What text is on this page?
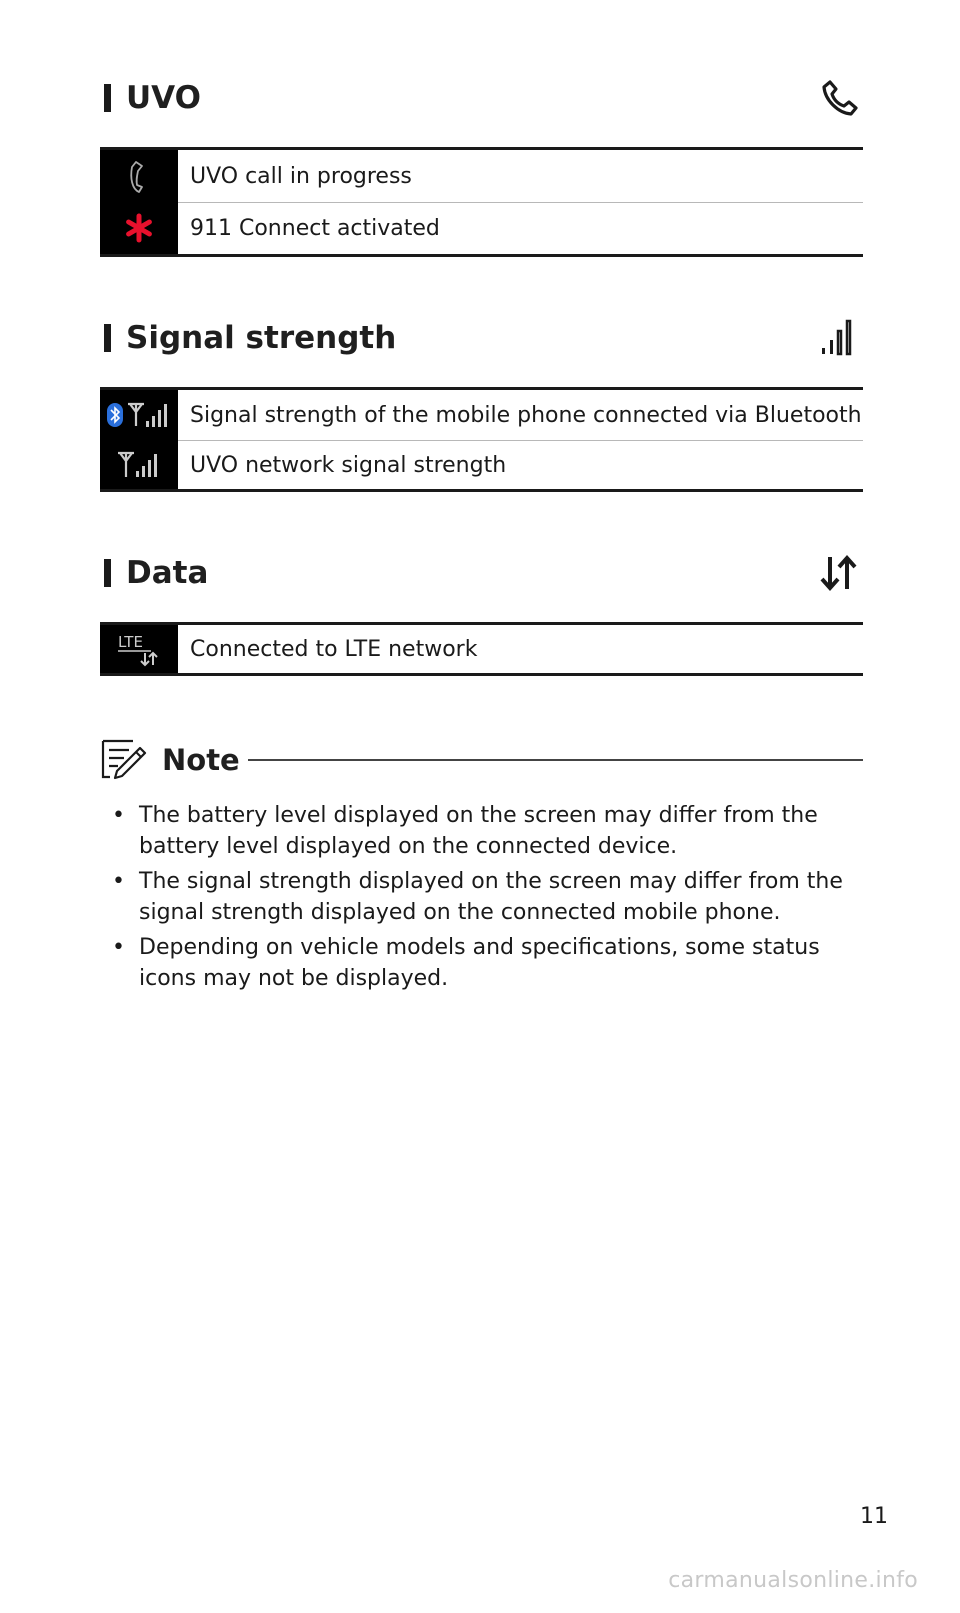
UVO
UVO call in progress
911 Connect activated
Signal strength
Signal strength of the mobile phone connected via Bluetooth
UVO network signal strength
Data
LTE	Connected to LTE network
Note
• The battery level displayed on the screen may differ from the battery level displayed on the connected device.
• The signal strength displayed on the screen may differ from the signal strength displayed on the connected mobile phone.
• Depending on vehicle models and specifications, some status icons may not be displayed.
11
carmanualsonline.info
